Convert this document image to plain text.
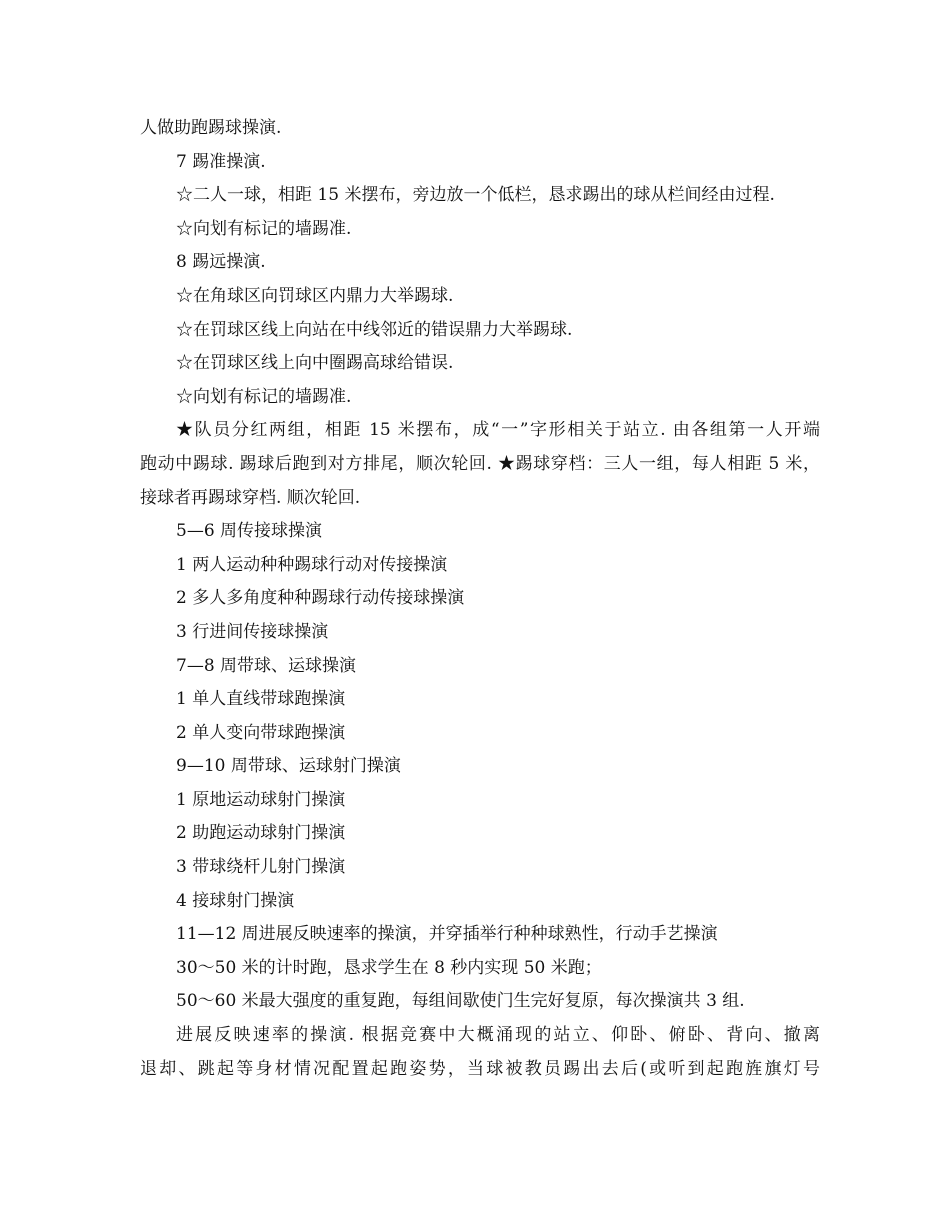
人做助跑踢球操演.
7 踢准操演.
☆二人一球，相距 15 米摆布，旁边放一个低栏，恳求踢出的球从栏间经由过程.
☆向划有标记的墙踢准.
8 踢远操演.
☆在角球区向罚球区内鼎力大举踢球.
☆在罚球区线上向站在中线邻近的错误鼎力大举踢球.
☆在罚球区线上向中圈踢高球给错误.
☆向划有标记的墙踢准.
★队员分红两组，相距 15 米摆布，成“一”字形相关于站立. 由各组第一人开端
跑动中踢球. 踢球后跑到对方排尾，顺次轮回. ★踢球穿档：三人一组，每人相距 5 米，
接球者再踢球穿档. 顺次轮回.
5—6 周传接球操演
1 两人运动种种踢球行动对传接操演
2 多人多角度种种踢球行动传接球操演
3 行进间传接球操演
7—8 周带球、运球操演
1 单人直线带球跑操演
2 单人变向带球跑操演
9—10 周带球、运球射门操演
1 原地运动球射门操演
2 助跑运动球射门操演
3 带球绕杆儿射门操演
4 接球射门操演
11—12 周进展反映速率的操演，并穿插举行种种球熟性，行动手艺操演
30～50 米的计时跑，恳求学生在 8 秒内实现 50 米跑；
50～60 米最大强度的重复跑，每组间歇使门生完好复原，每次操演共 3 组.
进展反映速率的操演. 根据竞赛中大概涌现的站立、仰卧、俯卧、背向、撤离
退却、跳起等身材情况配置起跑姿势，当球被教员踢出去后(或听到起跑旌旗灯号
